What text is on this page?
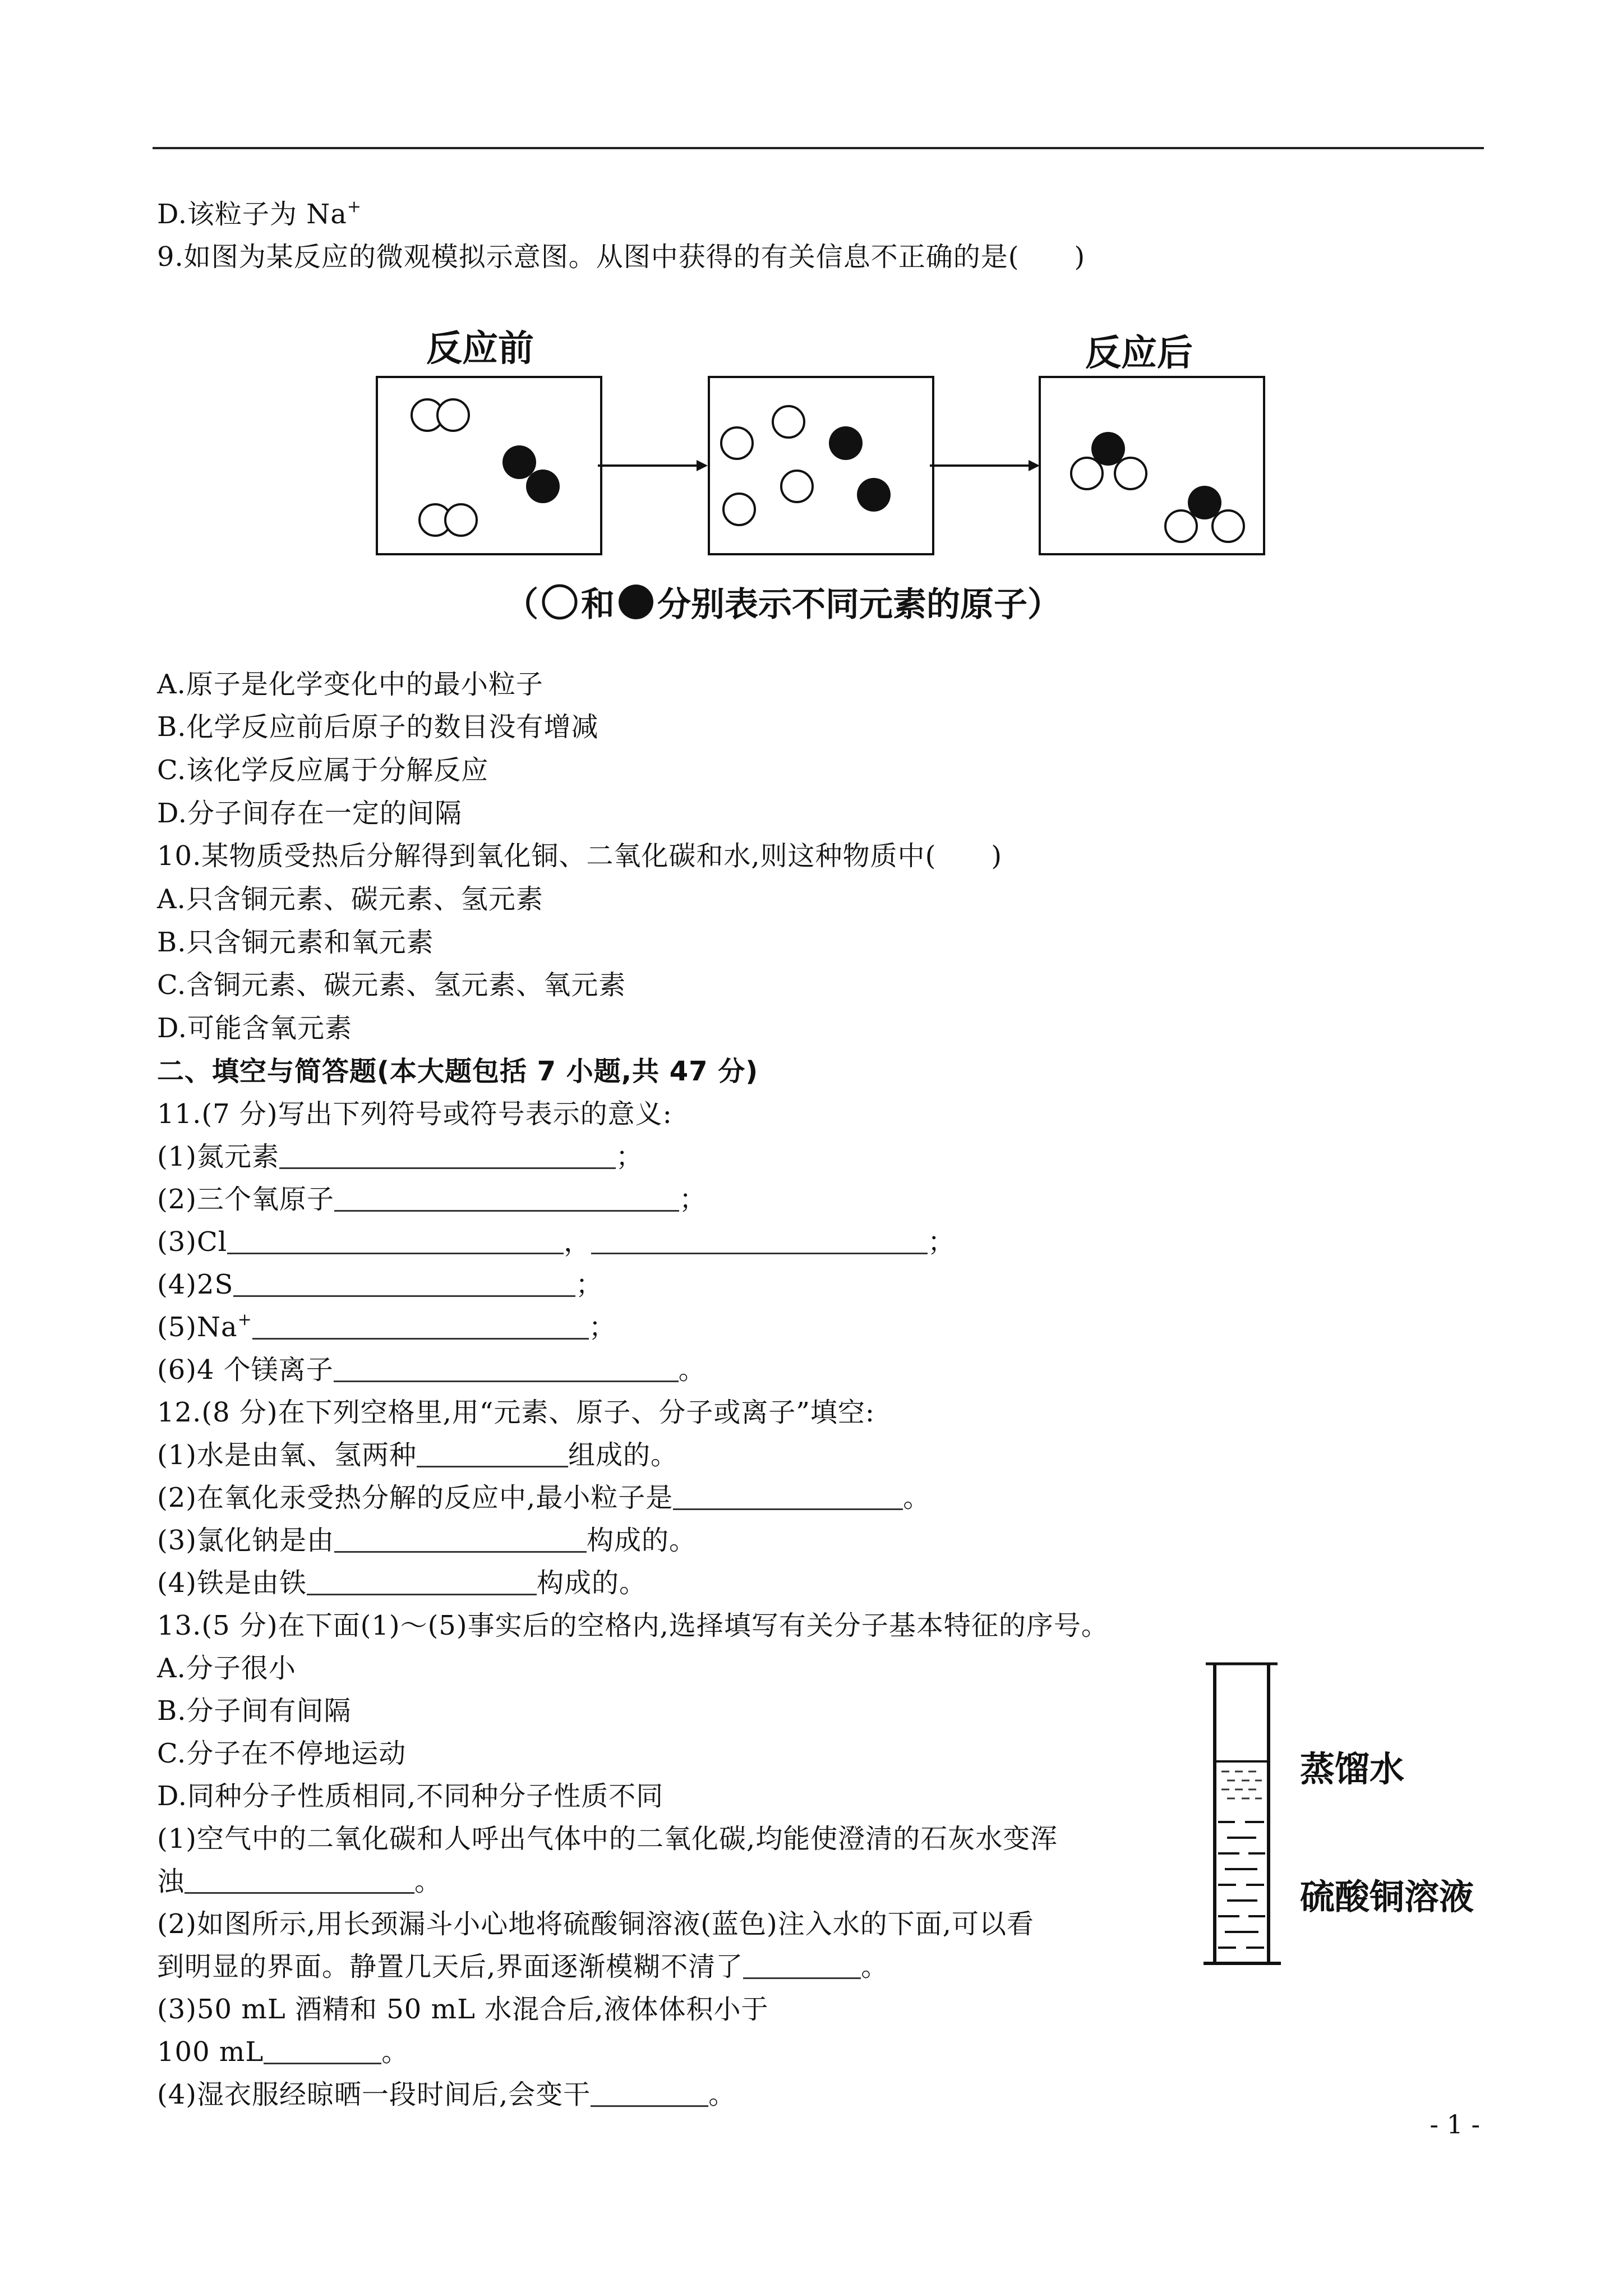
D.该粒子为 Na+
9.如图为某反应的微观模拟示意图。从图中获得的有关信息不正确的是(　　)
反应前	反应后
（ 和 分别表示不同元素的原子）
A.原子是化学变化中的最小粒子
B.化学反应前后原子的数目没有增减
C.该化学反应属于分解反应
D.分子间存在一定的间隔
10.某物质受热后分解得到氧化铜、二氧化碳和水,则这种物质中(　　)
A.只含铜元素、碳元素、氢元素
B.只含铜元素和氧元素
C.含铜元素、碳元素、氢元素、氧元素
D.可能含氧元素
二、填空与简答题(本大题包括 7 小题,共 47 分)
11.(7 分)写出下列符号或符号表示的意义:
(1)氮元素	；
(2)三个氧原子	；
(3)Cl	，	；
(4)2S	；
(5)Na+	；
(6)4 个镁离子	。
12.(8 分)在下列空格里,用“元素、原子、分子或离子”填空:
(1)水是由氧、氢两种	组成的。
(2)在氧化汞受热分解的反应中,最小粒子是	。
(3)氯化钠是由	构成的。
(4)铁是由铁	构成的。
13.(5 分)在下面(1)～(5)事实后的空格内,选择填写有关分子基本特征的序号。
A.分子很小
B.分子间有间隔
C.分子在不停地运动
D.同种分子性质相同,不同种分子性质不同
(1)空气中的二氧化碳和人呼出气体中的二氧化碳,均能使澄清的石灰水变浑
浊	。
(2)如图所示,用长颈漏斗小心地将硫酸铜溶液(蓝色)注入水的下面,可以看
到明显的界面。静置几天后,界面逐渐模糊不清了	。
(3)50 mL 酒精和 50 mL 水混合后,液体体积小于
100 mL	。
(4)湿衣服经晾晒一段时间后,会变干	。
蒸馏水
硫酸铜溶液
- 1 -
